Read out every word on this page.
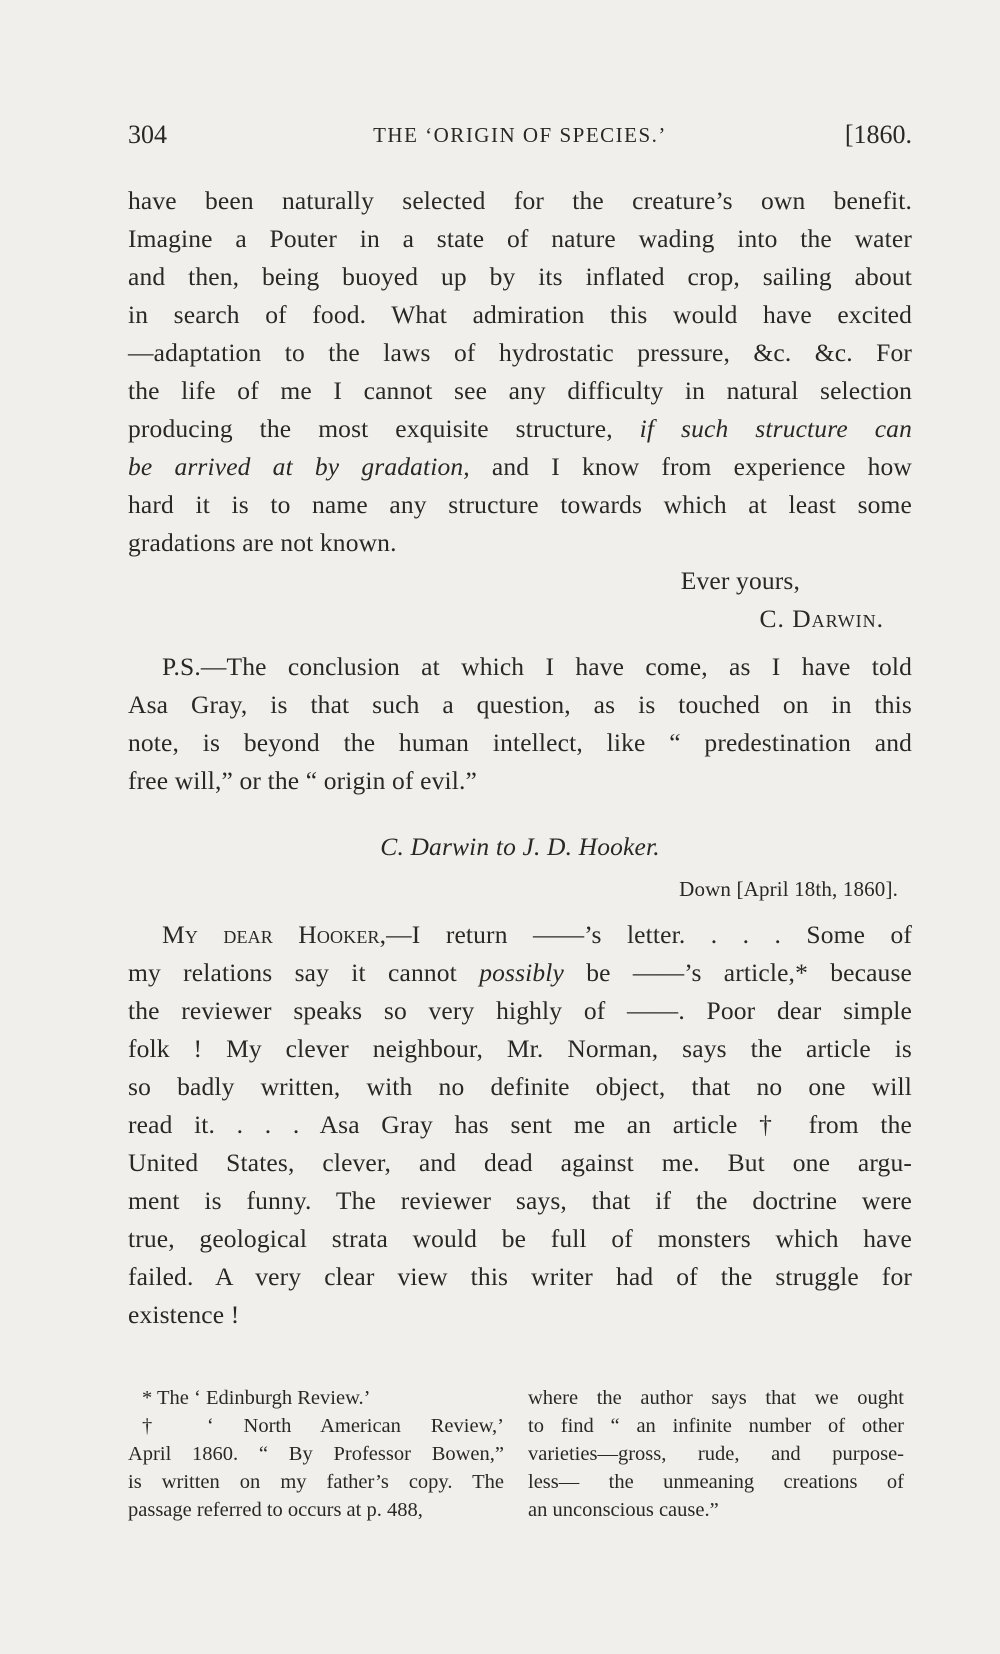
304	THE ‘ORIGIN OF SPECIES.’	[1860.
have been naturally selected for the creature’s own benefit.
Imagine a Pouter in a state of nature wading into the water
and then, being buoyed up by its inflated crop, sailing about
in search of food. What admiration this would have excited
—adaptation to the laws of hydrostatic pressure, &c. &c. For
the life of me I cannot see any difficulty in natural selection
producing the most exquisite structure, if such structure can
be arrived at by gradation, and I know from experience how
hard it is to name any structure towards which at least some
gradations are not known.
Ever yours,
C. Darwin.
P.S.—The conclusion at which I have come, as I have told
Asa Gray, is that such a question, as is touched on in this
note, is beyond the human intellect, like “ predestination and
free will,” or the “ origin of evil.”
C. Darwin to J. D. Hooker.
Down [April 18th, 1860].
My dear Hooker,—I return ——’s letter. . . . Some of
my relations say it cannot possibly be ——’s article,* because
the reviewer speaks so very highly of ——. Poor dear simple
folk ! My clever neighbour, Mr. Norman, says the article is
so badly written, with no definite object, that no one will
read it. . . . Asa Gray has sent me an article † from the
United States, clever, and dead against me. But one argu-
ment is funny. The reviewer says, that if the doctrine were
true, geological strata would be full of monsters which have
failed. A very clear view this writer had of the struggle for
existence !
* The ‘ Edinburgh Review.’
† ‘ North American Review,’
April 1860. “ By Professor Bowen,”
is written on my father’s copy. The
passage referred to occurs at p. 488,
where the author says that we ought
to find “ an infinite number of other
varieties—gross, rude, and purpose-
less— the unmeaning creations of
an unconscious cause.”
